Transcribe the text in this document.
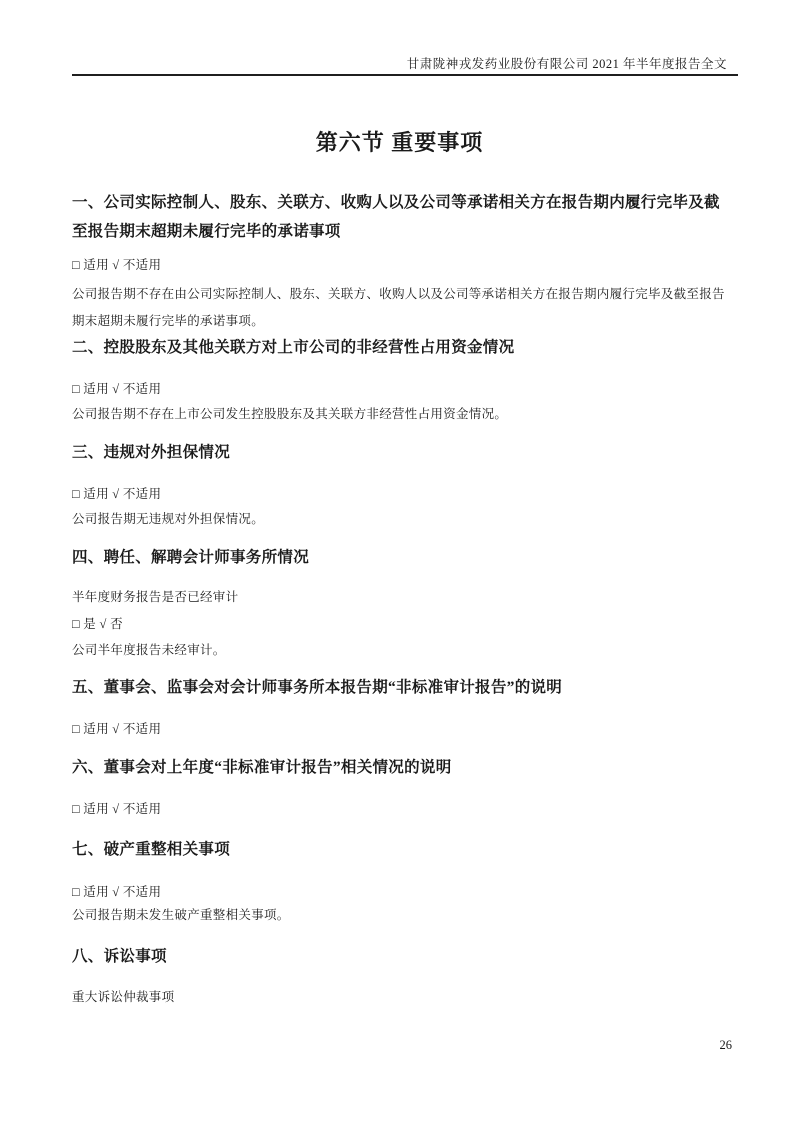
甘肃陇神戎发药业股份有限公司 2021 年半年度报告全文
第六节 重要事项
一、公司实际控制人、股东、关联方、收购人以及公司等承诺相关方在报告期内履行完毕及截至报告期末超期未履行完毕的承诺事项
□ 适用 √ 不适用
公司报告期不存在由公司实际控制人、股东、关联方、收购人以及公司等承诺相关方在报告期内履行完毕及截至报告期末超期未履行完毕的承诺事项。
二、控股股东及其他关联方对上市公司的非经营性占用资金情况
□ 适用 √ 不适用
公司报告期不存在上市公司发生控股股东及其关联方非经营性占用资金情况。
三、违规对外担保情况
□ 适用 √ 不适用
公司报告期无违规对外担保情况。
四、聘任、解聘会计师事务所情况
半年度财务报告是否已经审计
□ 是 √ 否
公司半年度报告未经审计。
五、董事会、监事会对会计师事务所本报告期“非标准审计报告”的说明
□ 适用 √ 不适用
六、董事会对上年度“非标准审计报告”相关情况的说明
□ 适用 √ 不适用
七、破产重整相关事项
□ 适用 √ 不适用
公司报告期未发生破产重整相关事项。
八、诉讼事项
重大诉讼仲裁事项
26
